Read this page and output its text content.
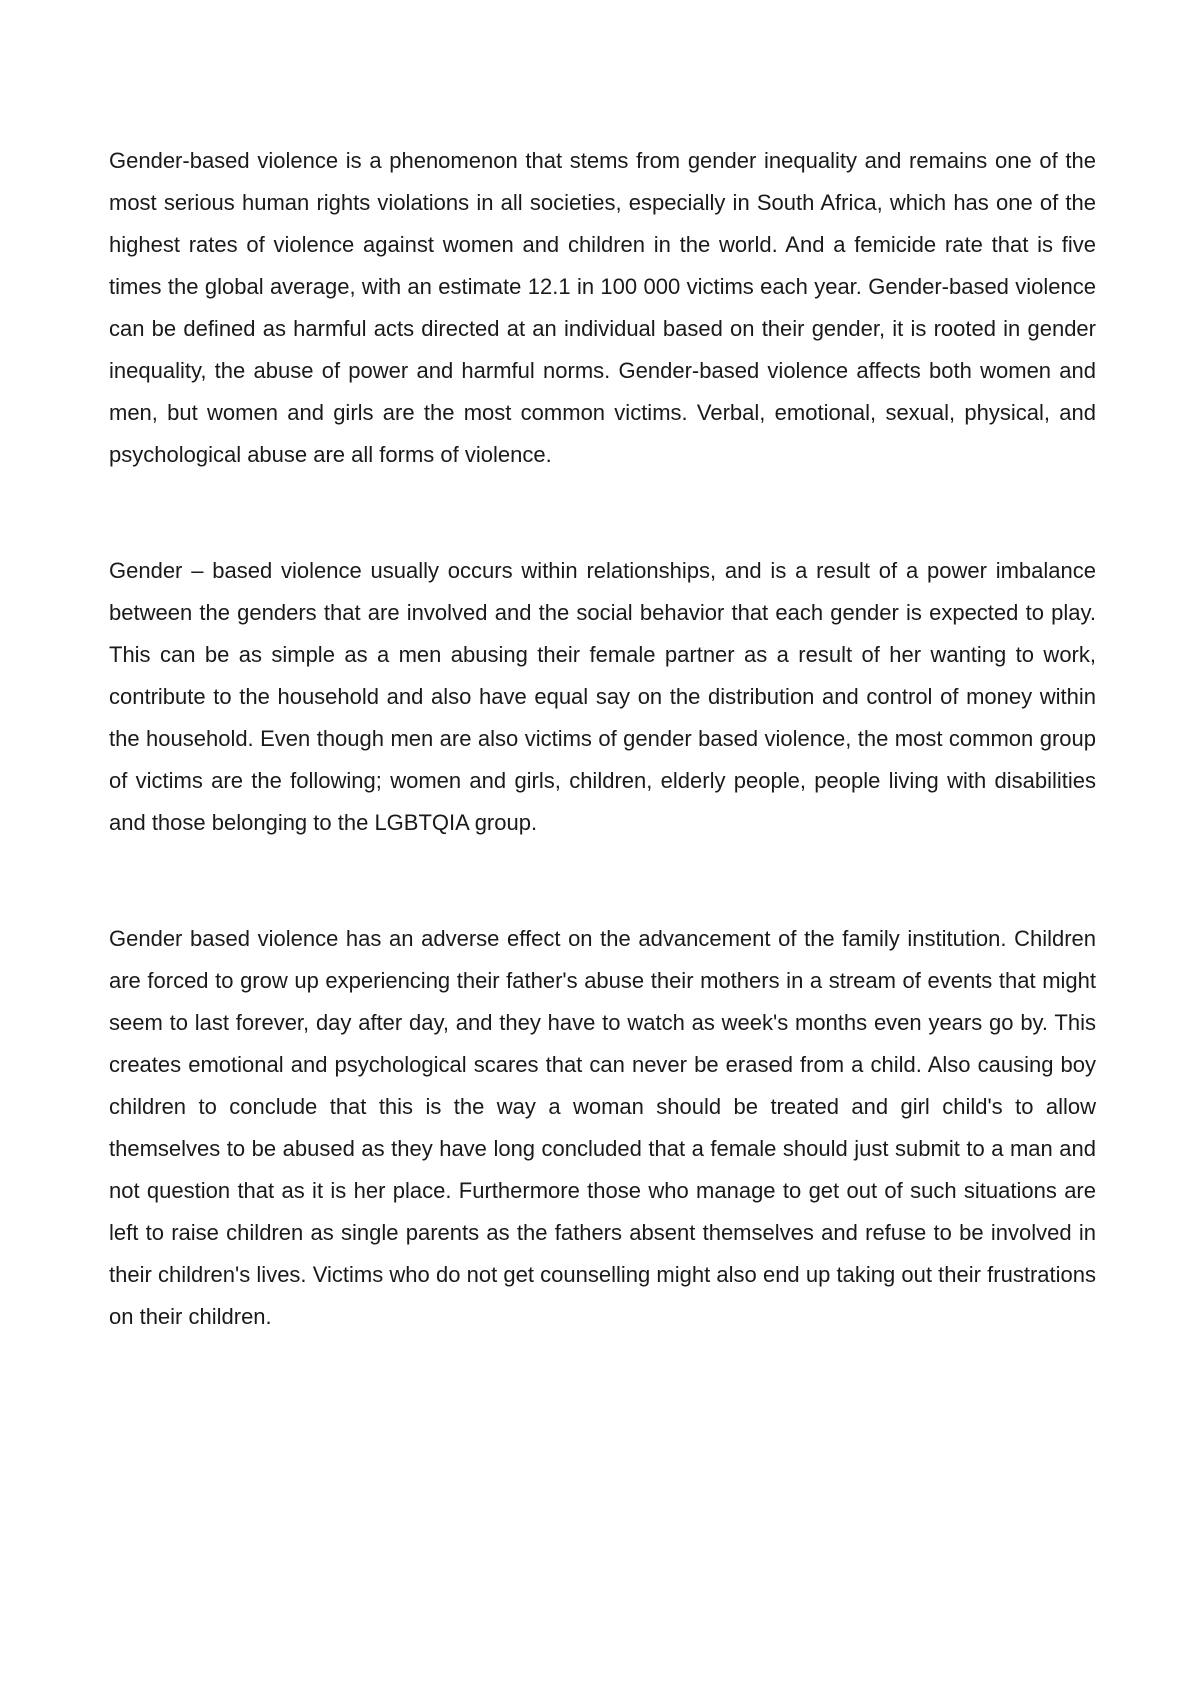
Gender-based violence is a phenomenon that stems from gender inequality and remains one of the most serious human rights violations in all societies, especially in South Africa, which has one of the highest rates of violence against women and children in the world. And a femicide rate that is five times the global average, with an estimate 12.1 in 100 000 victims each year. Gender-based violence can be defined as harmful acts directed at an individual based on their gender, it is rooted in gender inequality, the abuse of power and harmful norms. Gender-based violence affects both women and men, but women and girls are the most common victims. Verbal, emotional, sexual, physical, and psychological abuse are all forms of violence.

Gender – based violence usually occurs within relationships, and is a result of a power imbalance between the genders that are involved and the social behavior that each gender is expected to play. This can be as simple as a men abusing their female partner as a result of her wanting to work, contribute to the household and also have equal say on the distribution and control of money within the household. Even though men are also victims of gender based violence, the most common group of victims are the following; women and girls, children, elderly people, people living with disabilities and those belonging to the LGBTQIA group.

Gender based violence has an adverse effect on the advancement of the family institution. Children are forced to grow up experiencing their father's abuse their mothers in a stream of events that might seem to last forever, day after day, and they have to watch as week's months even years go by. This creates emotional and psychological scares that can never be erased from a child. Also causing boy children to conclude that this is the way a woman should be treated and girl child's to allow themselves to be abused as they have long concluded that a female should just submit to a man and not question that as it is her place. Furthermore those who manage to get out of such situations are left to raise children as single parents as the fathers absent themselves and refuse to be involved in their children's lives. Victims who do not get counselling might also end up taking out their frustrations on their children.
